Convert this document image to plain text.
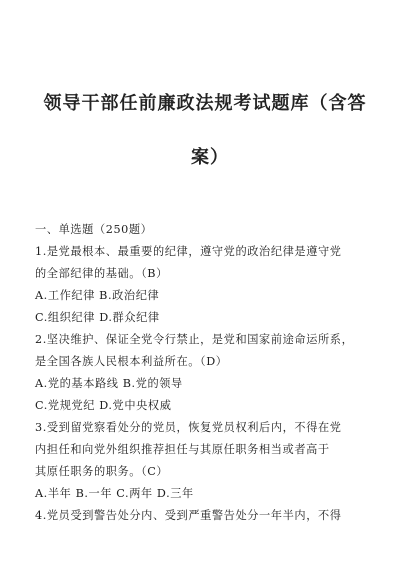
领导干部任前廉政法规考试题库（含答
案）
一、单选题（250题）
1.是党最根本、最重要的纪律，遵守党的政治纪律是遵守党
的全部纪律的基础。（B）
A.工作纪律 B.政治纪律
C.组织纪律 D.群众纪律
2.坚决维护、保证全党令行禁止，是党和国家前途命运所系，
是全国各族人民根本利益所在。（D）
A.党的基本路线 B.党的领导
C.党规党纪 D.党中央权威
3.受到留党察看处分的党员，恢复党员权利后内，不得在党
内担任和向党外组织推荐担任与其原任职务相当或者高于
其原任职务的职务。（C）
A.半年 B.一年 C.两年 D.三年
4.党员受到警告处分内、受到严重警告处分一年半内，不得
